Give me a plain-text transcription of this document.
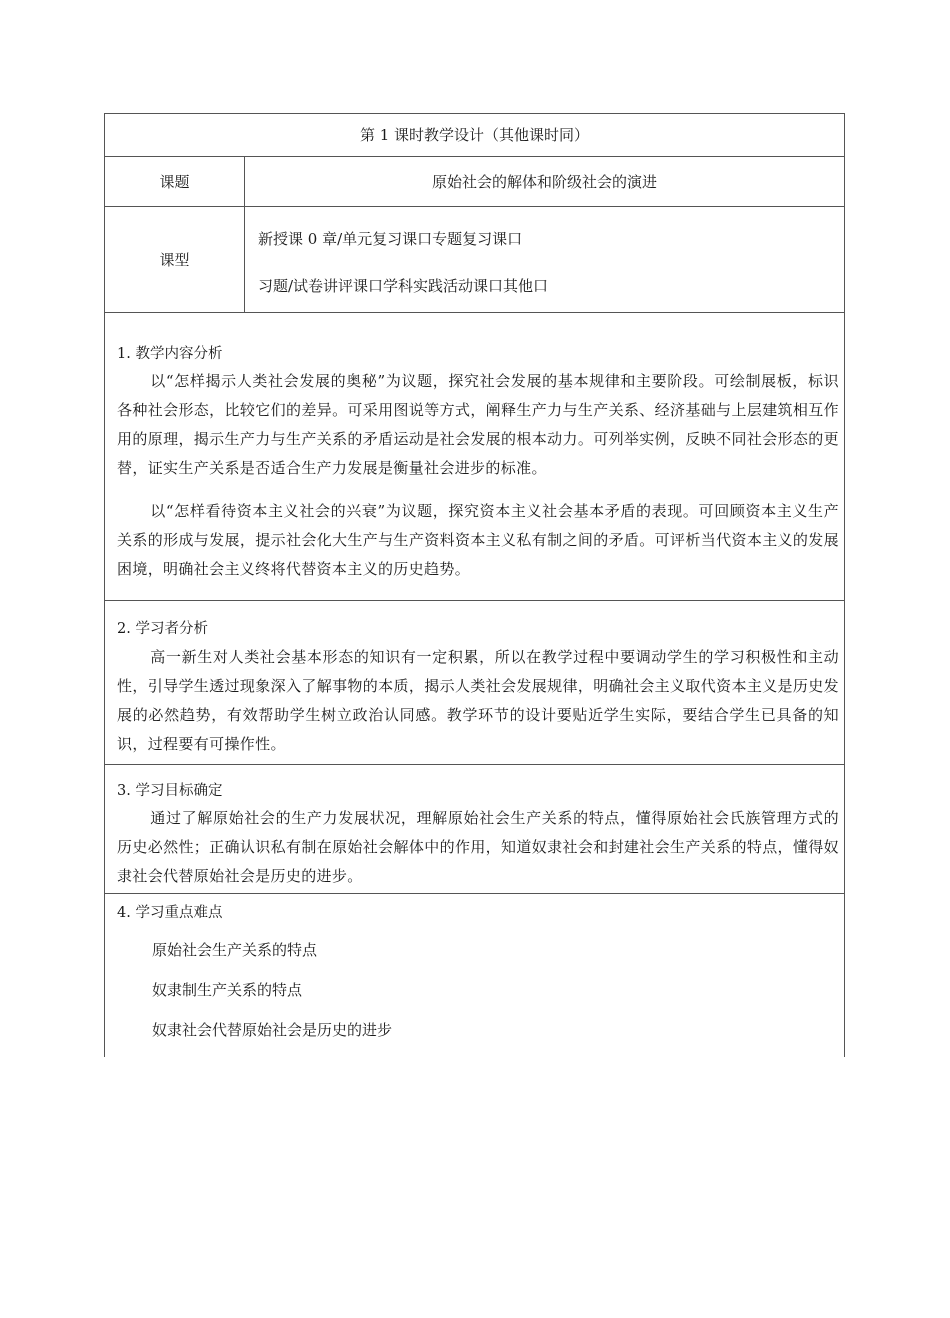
第 1 课时教学设计（其他课时同）
课题	原始社会的解体和阶级社会的演进
课型
新授课 0 章/单元复习课口专题复习课口
习题/试卷讲评课口学科实践活动课口其他口
1. 教学内容分析
以“怎样揭示人类社会发展的奥秘”为议题，探究社会发展的基本规律和主要阶段。可绘制展板，标识各种社会形态，比较它们的差异。可采用图说等方式，阐释生产力与生产关系、经济基础与上层建筑相互作用的原理，揭示生产力与生产关系的矛盾运动是社会发展的根本动力。可列举实例，反映不同社会形态的更替，证实生产关系是否适合生产力发展是衡量社会进步的标准。
以“怎样看待资本主义社会的兴衰”为议题，探究资本主义社会基本矛盾的表现。可回顾资本主义生产关系的形成与发展，提示社会化大生产与生产资料资本主义私有制之间的矛盾。可评析当代资本主义的发展困境，明确社会主义终将代替资本主义的历史趋势。
2. 学习者分析
高一新生对人类社会基本形态的知识有一定积累，所以在教学过程中要调动学生的学习积极性和主动性，引导学生透过现象深入了解事物的本质，揭示人类社会发展规律，明确社会主义取代资本主义是历史发展的必然趋势，有效帮助学生树立政治认同感。教学环节的设计要贴近学生实际，要结合学生已具备的知识，过程要有可操作性。
3. 学习目标确定
通过了解原始社会的生产力发展状况，理解原始社会生产关系的特点，懂得原始社会氏族管理方式的历史必然性；正确认识私有制在原始社会解体中的作用，知道奴隶社会和封建社会生产关系的特点，懂得奴隶社会代替原始社会是历史的进步。
4. 学习重点难点
原始社会生产关系的特点
奴隶制生产关系的特点
奴隶社会代替原始社会是历史的进步
